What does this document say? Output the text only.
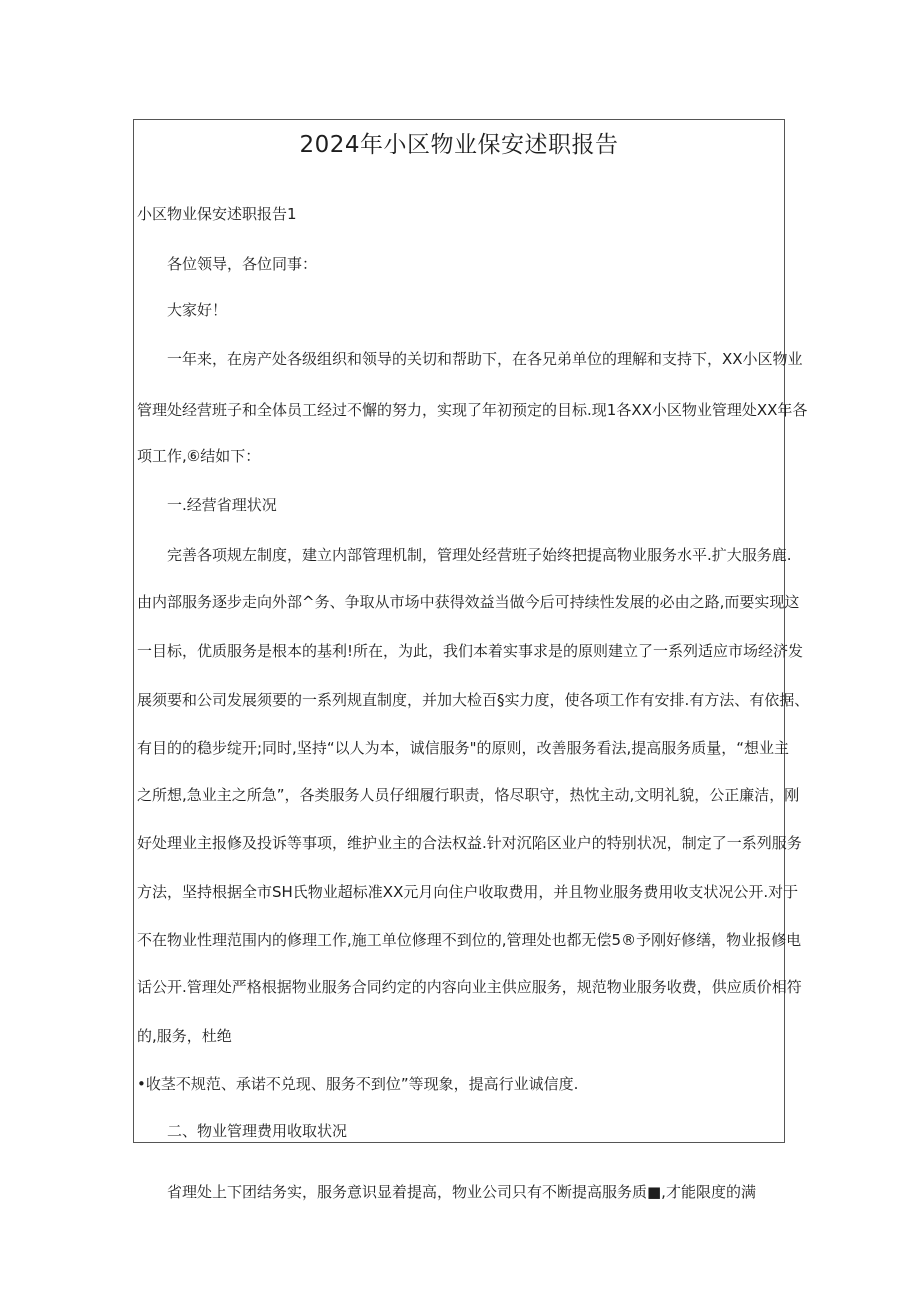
2024年小区物业保安述职报告
小区物业保安述职报告1
各位领导，各位同事：
大家好！
一年来，在房产处各级组织和领导的关切和帮助下，在各兄弟单位的理解和支持下，XX小区物业
管理处经营班子和全体员工经过不懈的努力，实现了年初预定的目标.现1各XX小区物业管理处XX年各
项工作,⑥结如下：
一.经营省理状况
完善各项规左制度，建立内部管理机制，管理处经营班子始终把提高物业服务水平.扩大服务鹿.
由内部服务逐步走向外部^务、争取从市场中获得效益当做今后可持续性发展的必由之路,而要实现这
一目标，优质服务是根本的基利!所在，为此，我们本着实事求是的原则建立了一系列适应市场经济发
展须要和公司发展须要的一系列规直制度，并加大检百§实力度，使各项工作有安排.有方法、有依据、
有目的的稳步绽开;同时,坚持“以人为本，诚信服务"的原则，改善服务看法,提高服务质量，“想业主
之所想,急业主之所急”，各类服务人员仔细履行职责，恪尽职守，热忱主动,文明礼貌，公正廉洁，刚
好处理业主报修及投诉等事项，维护业主的合法权益.针对沉陷区业户的特别状况，制定了一系列服务
方法，坚持根据全市SH氏物业超标准XX元月向住户收取费用，并且物业服务费用收支状况公开.对于
不在物业性理范围内的修理工作,施工单位修理不到位的,管理处也都无偿5®予刚好修缮，物业报修电
话公开.管理处严格根据物业服务合同约定的内容向业主供应服务，规范物业服务收费，供应质价相符
的,服务，杜绝
•收茎不规范、承诺不兑现、服务不到位”等现象，提高行业诚信度.
二、物业管理费用收取状况
省理处上下团结务实，服务意识显着提高，物业公司只有不断提高服务质■,才能限度的满
